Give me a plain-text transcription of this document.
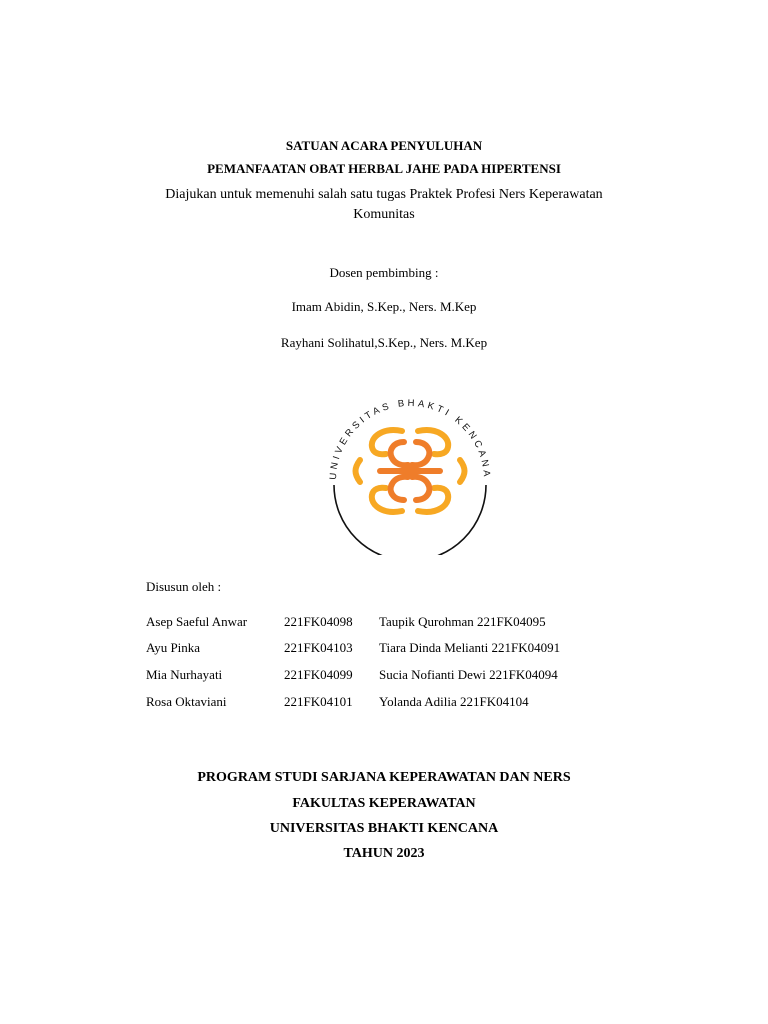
SATUAN ACARA PENYULUHAN
PEMANFAATAN OBAT HERBAL JAHE PADA HIPERTENSI
Diajukan untuk memenuhi salah satu tugas Praktek Profesi Ners Keperawatan
Komunitas
Dosen pembimbing :
Imam Abidin, S.Kep., Ners. M.Kep
Rayhani Solihatul,S.Kep., Ners. M.Kep
UNIVERSITAS BHAKTI KENCANA
Disusun oleh :
Asep Saeful Anwar	221FK04098 Taupik Qurohman 221FK04095
Ayu Pinka	221FK04103 Tiara Dinda Melianti 221FK04091
Mia Nurhayati	221FK04099 Sucia Nofianti Dewi 221FK04094
Rosa Oktaviani	221FK04101 Yolanda Adilia 221FK04104
PROGRAM STUDI SARJANA KEPERAWATAN DAN NERS
FAKULTAS KEPERAWATAN
UNIVERSITAS BHAKTI KENCANA
TAHUN 2023
